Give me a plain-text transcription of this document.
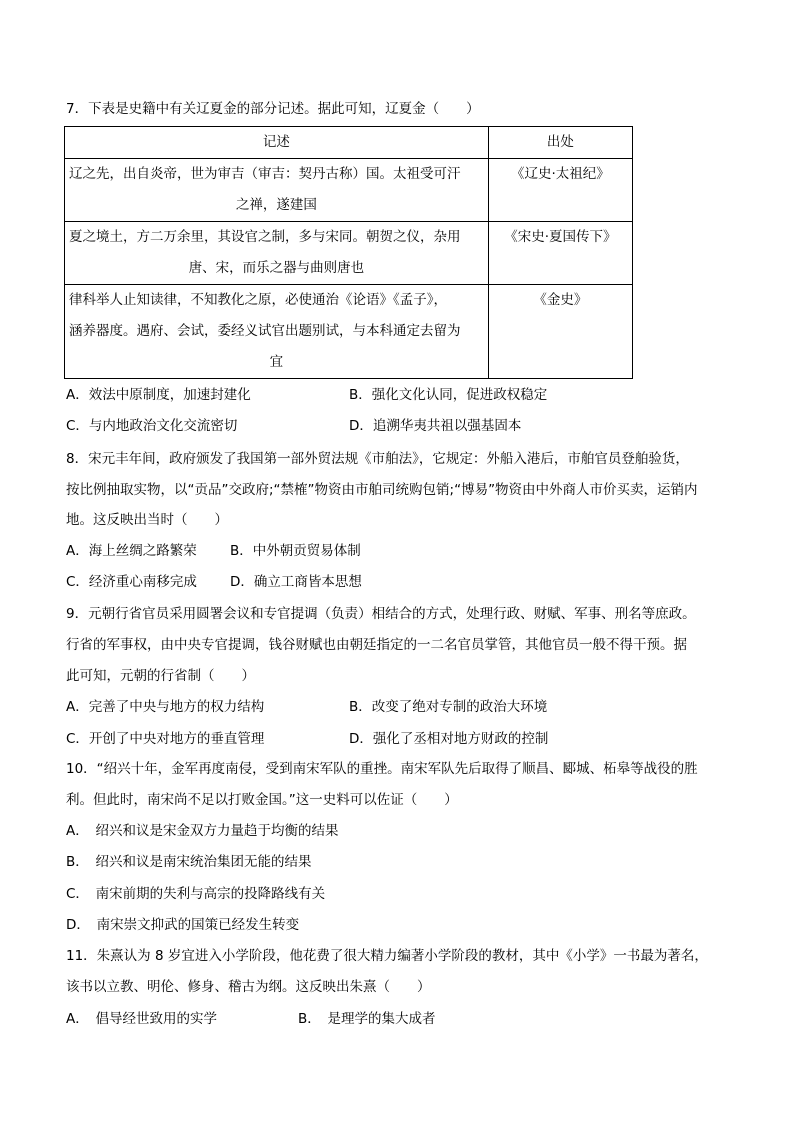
7．下表是史籍中有关辽夏金的部分记述。据此可知，辽夏金（　　）
记述	出处

辽之先，出自炎帝，世为审吉（审吉：契丹古称）国。太祖受可汗
之禅，遂建国	《辽史·太祖纪》

夏之境土，方二万余里，其设官之制，多与宋同。朝贺之仪，杂用
唐、宋，而乐之器与曲则唐也	《宋史·夏国传下》

律科举人止知读律，不知教化之原，必使通治《论语》《孟子》，
涵养器度。遇府、会试，委经义试官出题别试，与本科通定去留为
宜	《金史》
A．效法中原制度，加速封建化	B．强化文化认同，促进政权稳定
C．与内地政治文化交流密切	D．追溯华夷共祖以强基固本
8．宋元丰年间，政府颁发了我国第一部外贸法规《市舶法》，它规定：外船入港后，市舶官员登舶验货，
按比例抽取实物，以“贡品”交政府;“禁榷”物资由市舶司统购包销;“博易”物资由中外商人市价买卖，运销内
地。这反映出当时（　　）
A．海上丝绸之路繁荣 B．中外朝贡贸易体制
C．经济重心南移完成 D．确立工商皆本思想
9．元朝行省官员采用圆署会议和专官提调（负责）相结合的方式，处理行政、财赋、军事、刑名等庶政。
行省的军事权，由中央专官提调，钱谷财赋也由朝廷指定的一二名官员掌管，其他官员一般不得干预。据
此可知，元朝的行省制（　　）
A．完善了中央与地方的权力结构	B．改变了绝对专制的政治大环境
C．开创了中央对地方的垂直管理	D．强化了丞相对地方财政的控制
10．“绍兴十年，金军再度南侵，受到南宋军队的重挫。南宋军队先后取得了顺昌、郾城、柘皋等战役的胜
利。但此时，南宋尚不足以打败金国。”这一史料可以佐证（　　）
A．　绍兴和议是宋金双方力量趋于均衡的结果
B．　绍兴和议是南宋统治集团无能的结果
C．　南宋前期的失利与高宗的投降路线有关
D．　南宋崇文抑武的国策已经发生转变
11．朱熹认为 8 岁宜进入小学阶段，他花费了很大精力编著小学阶段的教材，其中《小学》一书最为著名，
该书以立教、明伦、修身、稽古为纲。这反映出朱熹（　　）
A．　倡导经世致用的实学	B．　是理学的集大成者
